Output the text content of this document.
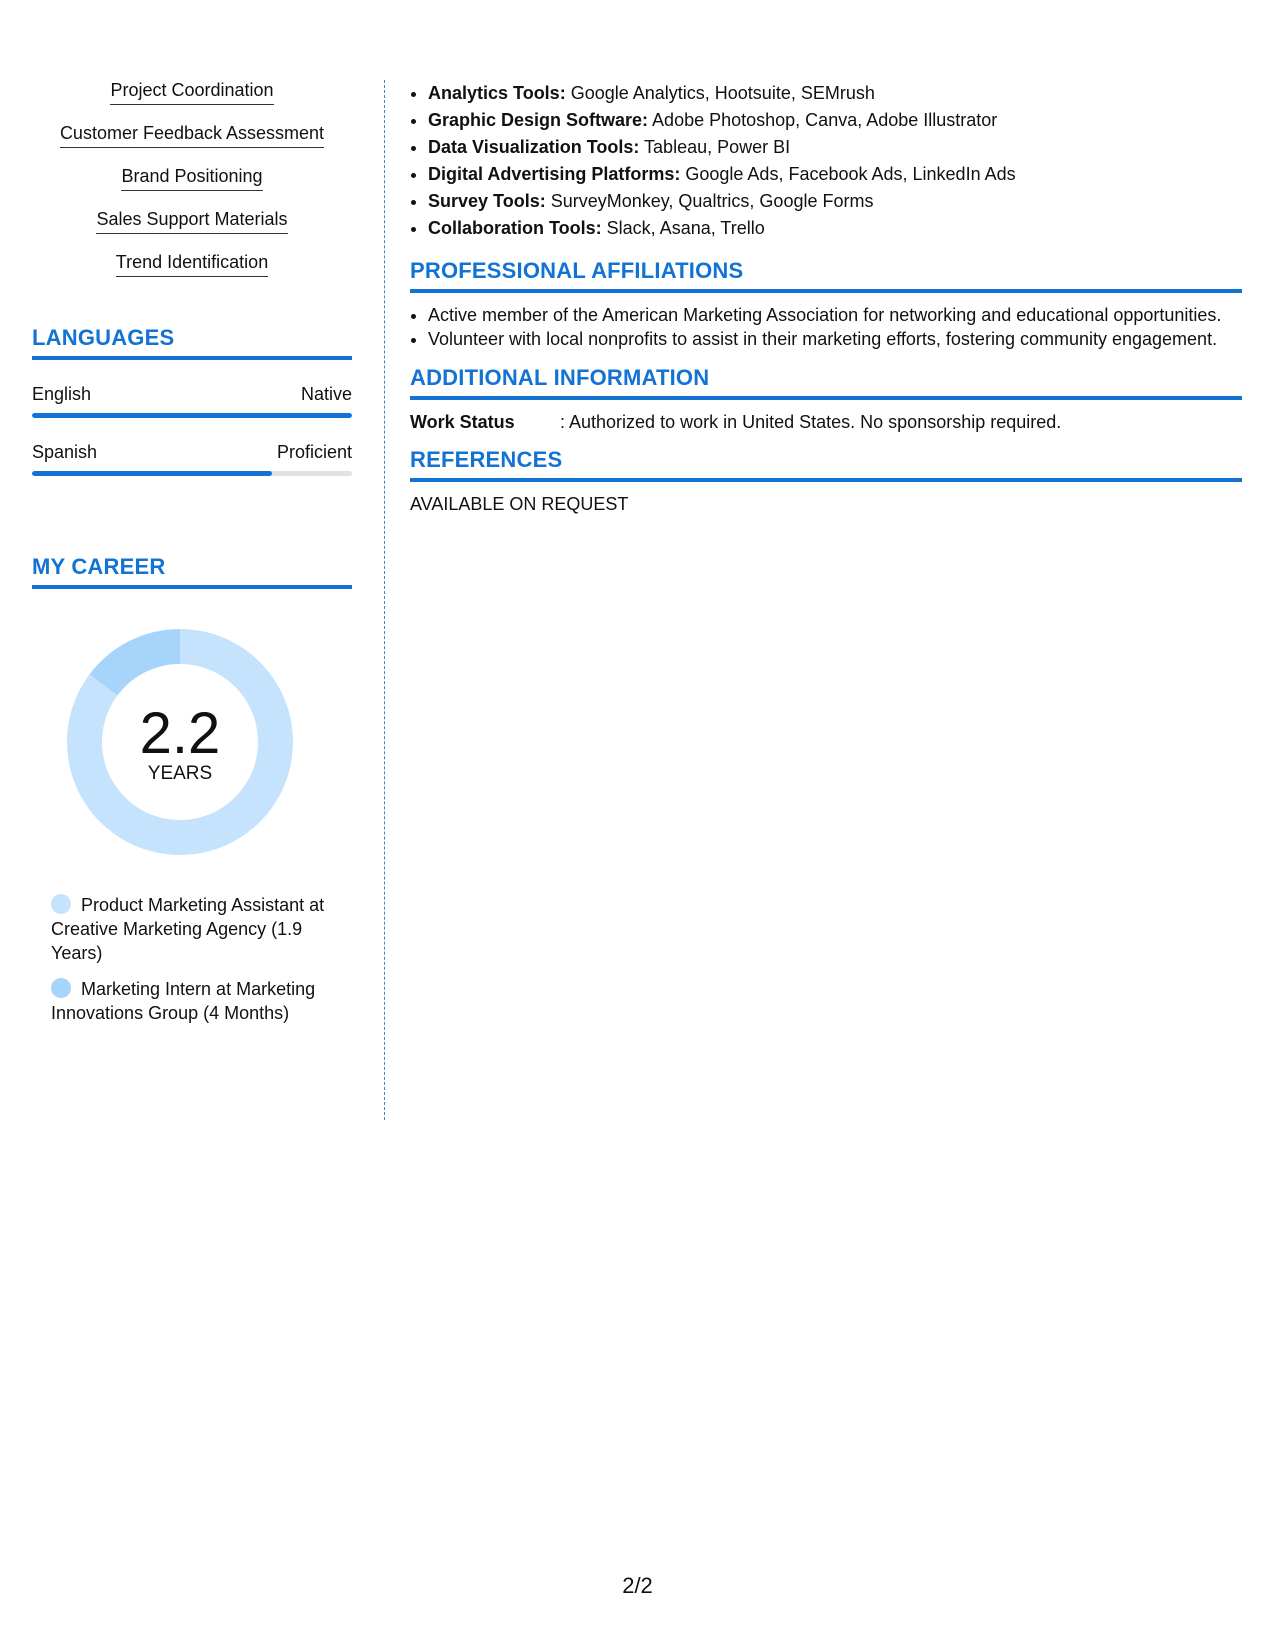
Project Coordination
Customer Feedback Assessment
Brand Positioning
Sales Support Materials
Trend Identification
LANGUAGES
English	Native
Spanish	Proficient
MY CAREER
2.2
YEARS
Product Marketing Assistant at Creative Marketing Agency (1.9 Years)
Marketing Intern at Marketing Innovations Group (4 Months)
• Analytics Tools: Google Analytics, Hootsuite, SEMrush
• Graphic Design Software: Adobe Photoshop, Canva, Adobe Illustrator
• Data Visualization Tools: Tableau, Power BI
• Digital Advertising Platforms: Google Ads, Facebook Ads, LinkedIn Ads
• Survey Tools: SurveyMonkey, Qualtrics, Google Forms
• Collaboration Tools: Slack, Asana, Trello
PROFESSIONAL AFFILIATIONS
• Active member of the American Marketing Association for networking and educational opportunities.
• Volunteer with local nonprofits to assist in their marketing efforts, fostering community engagement.
ADDITIONAL INFORMATION
Work Status	: Authorized to work in United States. No sponsorship required.
REFERENCES
AVAILABLE ON REQUEST
2/2
